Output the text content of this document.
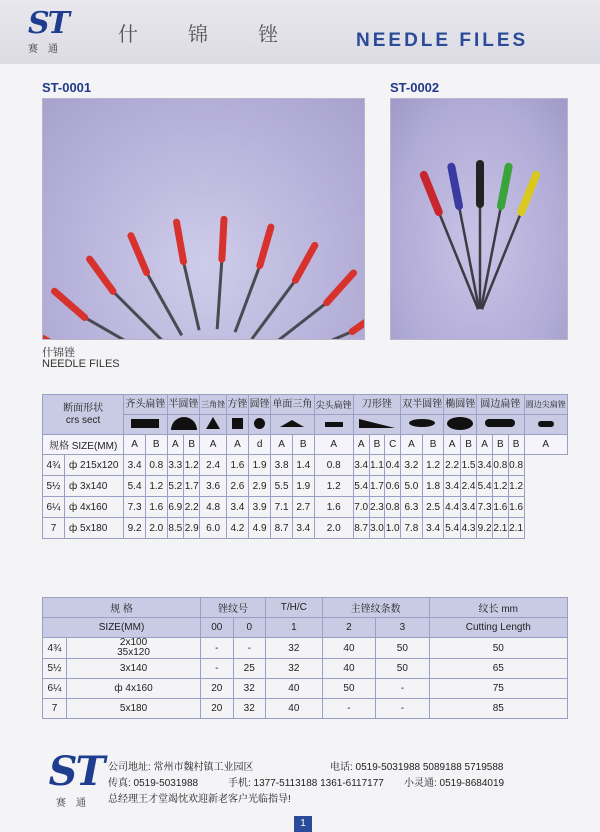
ST
赛通
什锦锉 NEEDLE FILES
ST-0001	ST-0002
什锦锉
NEEDLE FILES
断面形状
crs sect		齐头扁锉		半圆锉		三角锉	方锉	圆锉	单面三角		尖头扁锉	刀形锉			双半圆锉		椭圆锉		圆边扁锉			圆边尖扁锉

规格 SIZE(MM)		A	B	A	B	A	A	d	A	B	A	A	B	C	A	B	A	B	A	B	B	A
4¾	ф 215x120	3.4	0.8	3.3	1.2	2.4	1.6	1.9	3.8	1.4	0.8	3.4	1.1	0.4	3.2	1.2	2.2	1.5	3.4	0.8	0.8	
5½	ф 3x140	5.4	1.2	5.2	1.7	3.6	2.6	2.9	5.5	1.9	1.2	5.4	1.7	0.6	5.0	1.8	3.4	2.4	5.4	1.2	1.2	
6¼	ф 4x160	7.3	1.6	6.9	2.2	4.8	3.4	3.9	7.1	2.7	1.6	7.0	2.3	0.8	6.3	2.5	4.4	3.4	7.3	1.6	1.6	
7	ф 5x180	9.2	2.0	8.5	2.9	6.0	4.2	4.9	8.7	3.4	2.0	8.7	3.0	1.0	7.8	3.4	5.4	4.3	9.2	2.1	2.1	
规 格		锉纹号		T/H/C	主锉纹条数		纹长 mm
SIZE(MM)		00	0	1	2	3	Cutting Length
4¾	2x100
35x120	-	-	32	40	50	50
5½	3x140	-	25	32	40	50	65
6¼	ф 4x160	20	32	40	50	-	75
7	5x180	20	32	40	-	-	85
ST
赛通
公司地址: 常州市魏村镇工业园区	电话: 0519-5031988 5089188 5719588
传真: 0519-5031988	手机: 1377-5113188 1361-6117177 小灵通: 0519-8684019
总经理王才堂竭忱欢迎新老客户光临指导!
1
